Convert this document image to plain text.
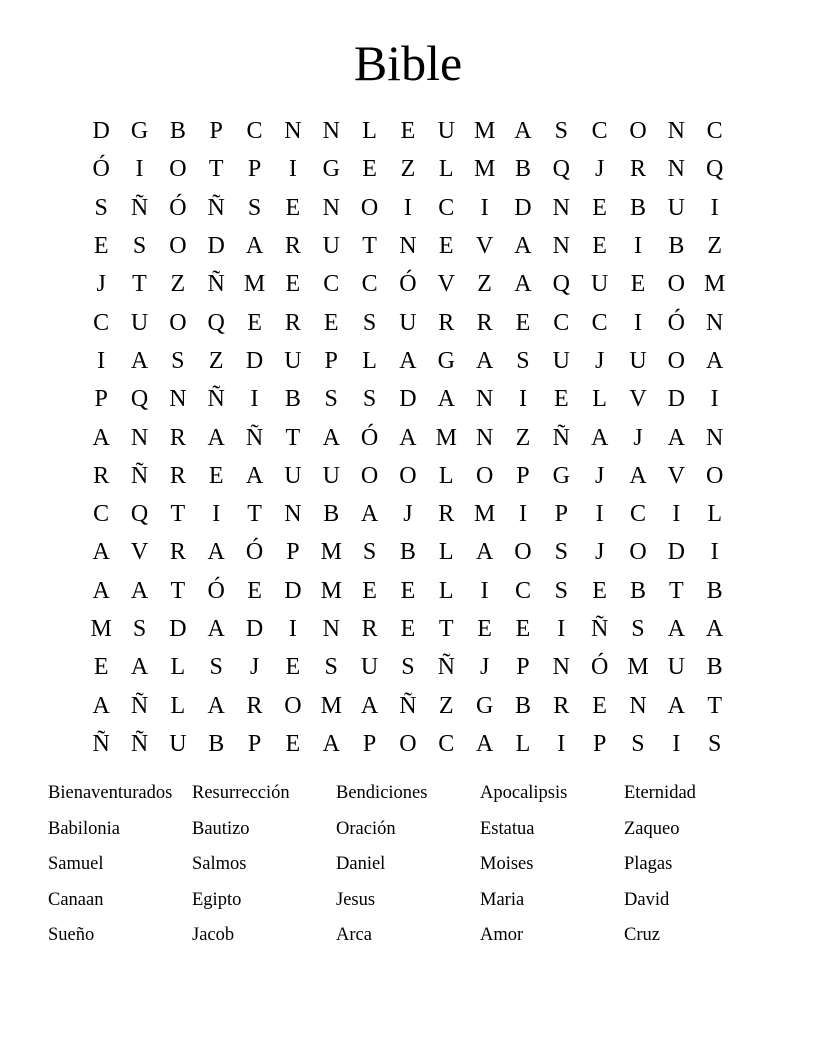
Bible
D G B P C N N L E U M A S C O N C
Ó	I	O T	P	I	G E Z L M B Q	J	R N Q
S Ñ Ó Ñ S	E N O	I	C	I	D N E B U	I
E	S O D A R U T N E V A N E	I	B Z
J	T Z Ñ M E C C Ó V Z A Q U E O M
C U O Q E R E	S U R R E C C	I	Ó N
I	A S	Z D U P	L A G A S U	J	U O A
P Q N Ñ	I	B S	S D A N	I	E L V D	I
A N R A Ñ T A Ó A M N Z Ñ A	J	A N
R Ñ R E A U U O O L O P G	J	A V O
C Q T	I	T N B A	J	R M I	P	I	C	I	L
A V R A Ó P M S B L A O S	J	O D	I
A A T Ó E D M E E L	I	C S	E B T B
M S D A D	I	N R E T E E	I	Ñ S A A
E A L	S	J	E	S U S Ñ	J	P N Ó M U B
A Ñ L A R O M A Ñ Z G B R E N A T
Ñ Ñ U B P	E A P O C A L	I	P	S	I	S
Bienaventurados	Resurrección	Bendiciones	Apocalipsis	Eternidad
Babilonia	Bautizo	Oración	Estatua	Zaqueo
Samuel	Salmos	Daniel	Moises	Plagas
Canaan	Egipto	Jesus	Maria	David
Sueño	Jacob	Arca	Amor	Cruz
